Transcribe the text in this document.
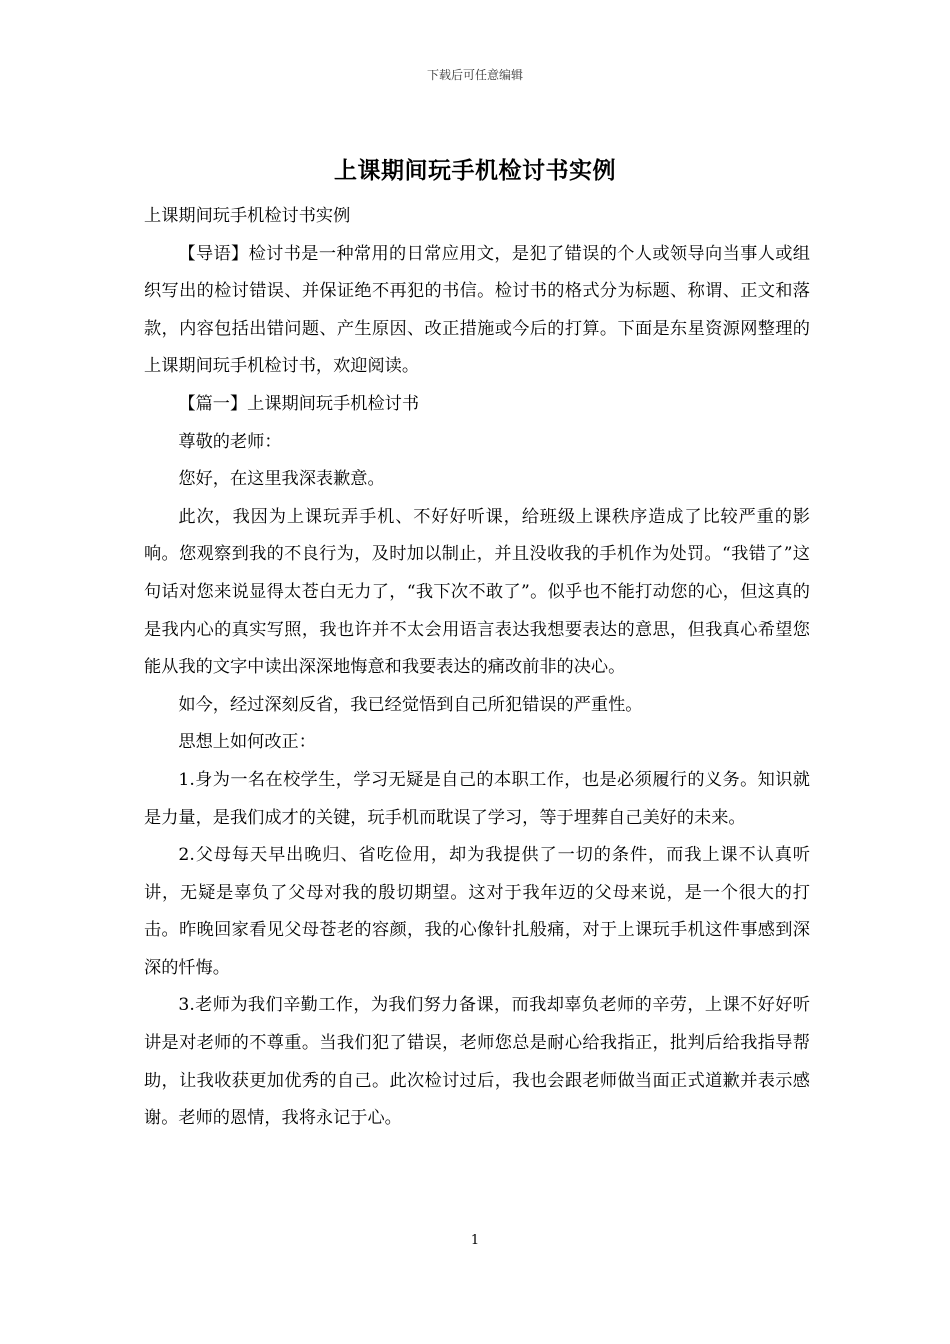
下载后可任意编辑
上课期间玩手机检讨书实例

上课期间玩手机检讨书实例

【导语】检讨书是一种常用的日常应用文，是犯了错误的个人或领导向当事人或组织写出的检讨错误、并保证绝不再犯的书信。检讨书的格式分为标题、称谓、正文和落款，内容包括出错问题、产生原因、改正措施或今后的打算。下面是东星资源网整理的上课期间玩手机检讨书，欢迎阅读。

【篇一】上课期间玩手机检讨书

尊敬的老师：

您好，在这里我深表歉意。

此次，我因为上课玩弄手机、不好好听课，给班级上课秩序造成了比较严重的影响。您观察到我的不良行为，及时加以制止，并且没收我的手机作为处罚。“我错了”这句话对您来说显得太苍白无力了，“我下次不敢了”。似乎也不能打动您的心，但这真的是我内心的真实写照，我也许并不太会用语言表达我想要表达的意思，但我真心希望您能从我的文字中读出深深地悔意和我要表达的痛改前非的决心。

如今，经过深刻反省，我已经觉悟到自己所犯错误的严重性。

思想上如何改正：

1.身为一名在校学生，学习无疑是自己的本职工作，也是必须履行的义务。知识就是力量，是我们成才的关键，玩手机而耽误了学习，等于埋葬自己美好的未来。

2.父母每天早出晚归、省吃俭用，却为我提供了一切的条件，而我上课不认真听讲，无疑是辜负了父母对我的殷切期望。这对于我年迈的父母来说，是一个很大的打击。昨晚回家看见父母苍老的容颜，我的心像针扎般痛，对于上课玩手机这件事感到深深的忏悔。

3.老师为我们辛勤工作，为我们努力备课，而我却辜负老师的辛劳，上课不好好听讲是对老师的不尊重。当我们犯了错误，老师您总是耐心给我指正，批判后给我指导帮助，让我收获更加优秀的自己。此次检讨过后，我也会跟老师做当面正式道歉并表示感谢。老师的恩情，我将永记于心。

1
